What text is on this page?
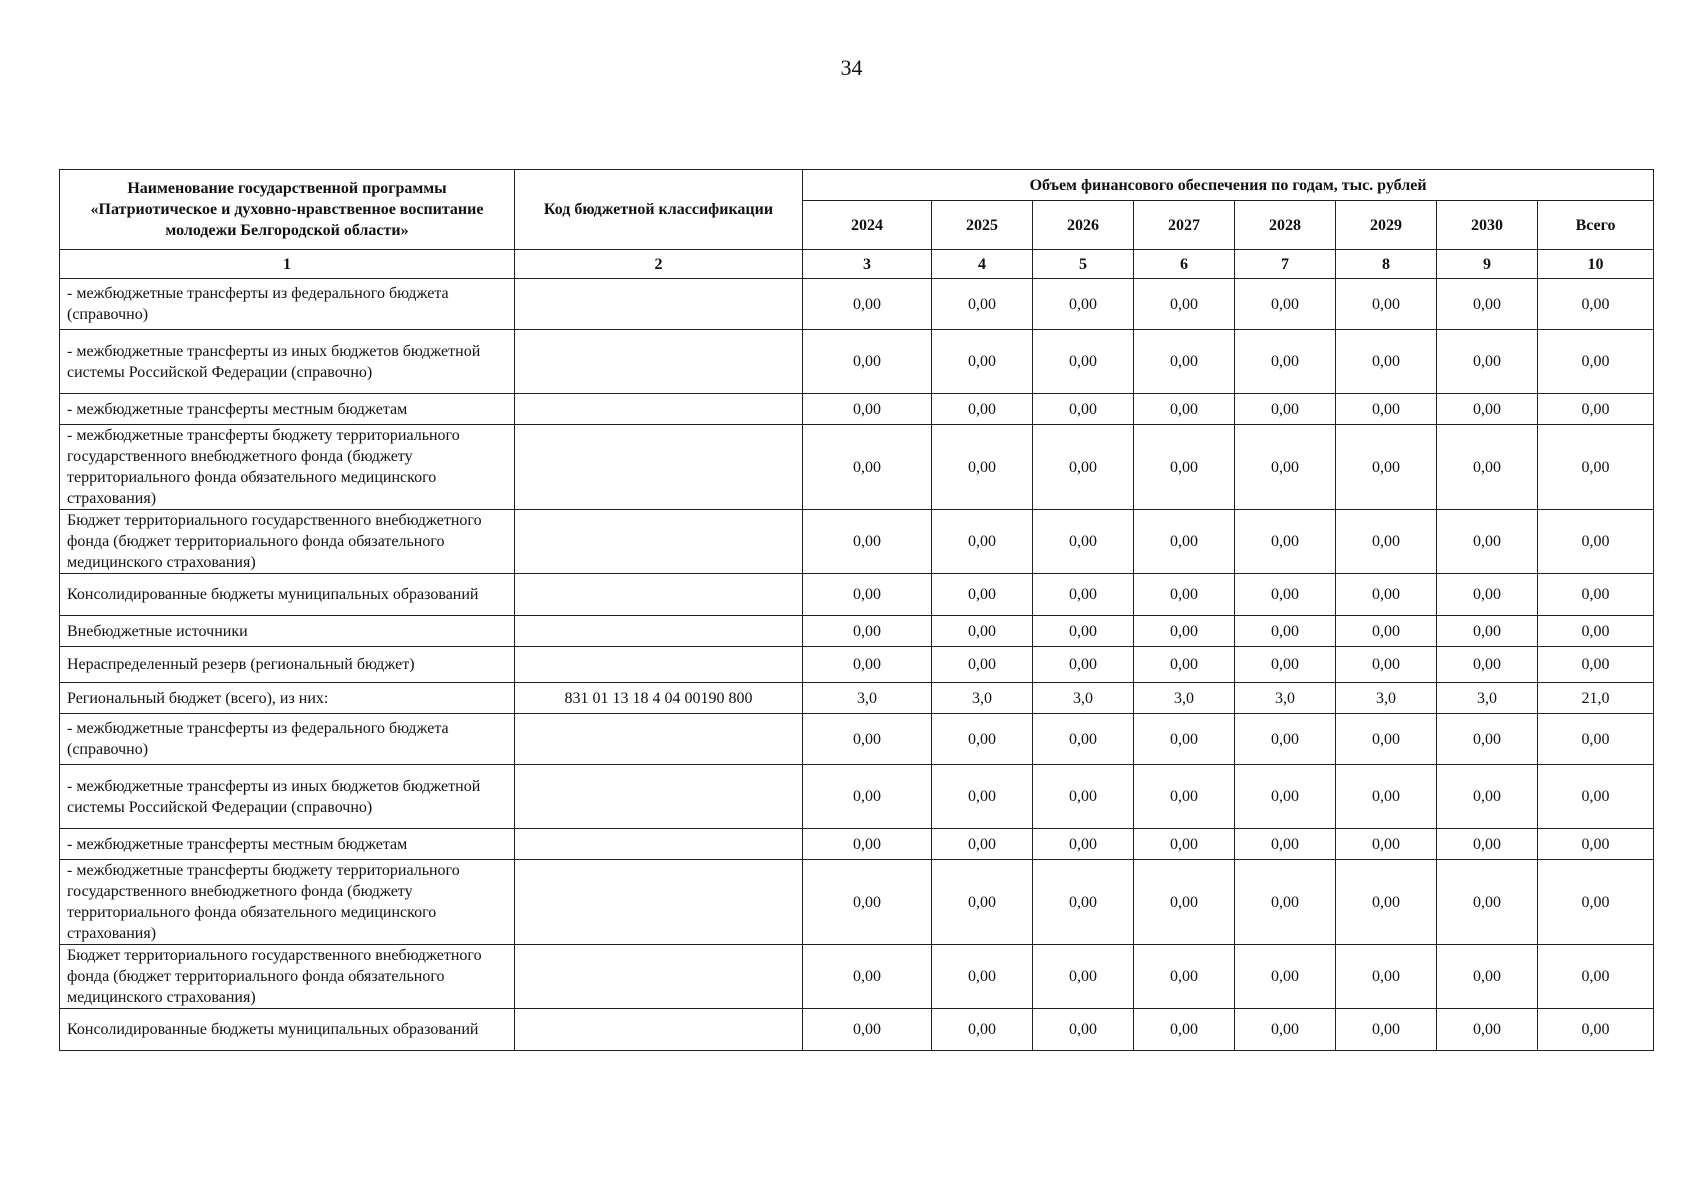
34
Наименование государственной программы «Патриотическое и духовно-нравственное воспитание молодежи Белгородской области»	Код бюджетной классификации	Объем финансового обеспечения по годам, тыс. рублей							
		2024	2025	2026	2027	2028	2029	2030	Всего
1	2	3	4	5	6	7	8	9	10
- межбюджетные трансферты из федерального бюджета (справочно)		0,00	0,00	0,00	0,00	0,00	0,00	0,00	0,00
- межбюджетные трансферты из иных бюджетов бюджетной системы Российской Федерации (справочно)		0,00	0,00	0,00	0,00	0,00	0,00	0,00	0,00
- межбюджетные трансферты местным бюджетам		0,00	0,00	0,00	0,00	0,00	0,00	0,00	0,00
- межбюджетные трансферты бюджету территориального государственного внебюджетного фонда (бюджету территориального фонда обязательного медицинского страхования)		0,00	0,00	0,00	0,00	0,00	0,00	0,00	0,00
Бюджет территориального государственного внебюджетного фонда (бюджет территориального фонда обязательного медицинского страхования)		0,00	0,00	0,00	0,00	0,00	0,00	0,00	0,00
Консолидированные бюджеты муниципальных образований		0,00	0,00	0,00	0,00	0,00	0,00	0,00	0,00
Внебюджетные источники		0,00	0,00	0,00	0,00	0,00	0,00	0,00	0,00
Нераспределенный резерв (региональный бюджет)		0,00	0,00	0,00	0,00	0,00	0,00	0,00	0,00
Региональный бюджет (всего), из них:	831 01 13 18 4 04 00190 800	3,0	3,0	3,0	3,0	3,0	3,0	3,0	21,0
- межбюджетные трансферты из федерального бюджета (справочно)		0,00	0,00	0,00	0,00	0,00	0,00	0,00	0,00
- межбюджетные трансферты из иных бюджетов бюджетной системы Российской Федерации (справочно)		0,00	0,00	0,00	0,00	0,00	0,00	0,00	0,00
- межбюджетные трансферты местным бюджетам		0,00	0,00	0,00	0,00	0,00	0,00	0,00	0,00
- межбюджетные трансферты бюджету территориального государственного внебюджетного фонда (бюджету территориального фонда обязательного медицинского страхования)		0,00	0,00	0,00	0,00	0,00	0,00	0,00	0,00
Бюджет территориального государственного внебюджетного фонда (бюджет территориального фонда обязательного медицинского страхования)		0,00	0,00	0,00	0,00	0,00	0,00	0,00	0,00
Консолидированные бюджеты муниципальных образований		0,00	0,00	0,00	0,00	0,00	0,00	0,00	0,00
